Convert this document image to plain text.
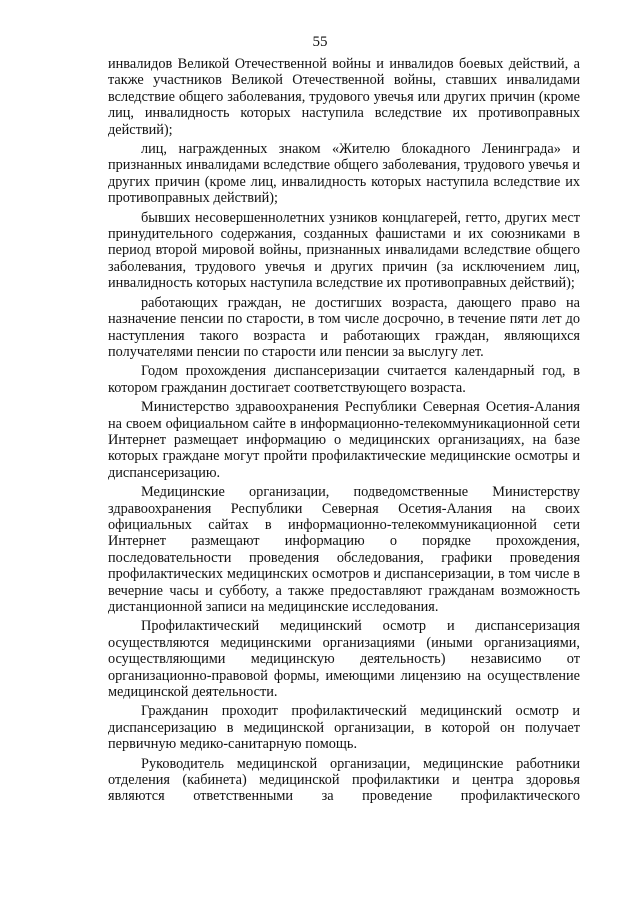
55

инвалидов Великой Отечественной войны и инвалидов боевых действий, а также участников Великой Отечественной войны, ставших инвалидами вследствие общего заболевания, трудового увечья или других причин (кроме лиц, инвалидность которых наступила вследствие их противоправных действий);

лиц, награжденных знаком «Жителю блокадного Ленинграда» и признанных инвалидами вследствие общего заболевания, трудового увечья и других причин (кроме лиц, инвалидность которых наступила вследствие их противоправных действий);

бывших несовершеннолетних узников концлагерей, гетто, других мест принудительного содержания, созданных фашистами и их союзниками в период второй мировой войны, признанных инвалидами вследствие общего заболевания, трудового увечья и других причин (за исключением лиц, инвалидность которых наступила вследствие их противоправных действий);

работающих граждан, не достигших возраста, дающего право на назначение пенсии по старости, в том числе досрочно, в течение пяти лет до наступления такого возраста и работающих граждан, являющихся получателями пенсии по старости или пенсии за выслугу лет.

Годом прохождения диспансеризации считается календарный год, в котором гражданин достигает соответствующего возраста.

Министерство здравоохранения Республики Северная Осетия-Алания на своем официальном сайте в информационно-телекоммуникационной сети Интернет размещает информацию о медицинских организациях, на базе которых граждане могут пройти профилактические медицинские осмотры и диспансеризацию.

Медицинские организации, подведомственные Министерству здравоохранения Республики Северная Осетия-Алания на своих официальных сайтах в информационно-телекоммуникационной сети Интернет размещают информацию о порядке прохождения, последовательности проведения обследования, графики проведения профилактических медицинских осмотров и диспансеризации, в том числе в вечерние часы и субботу, а также предоставляют гражданам возможность дистанционной записи на медицинские исследования.

Профилактический медицинский осмотр и диспансеризация осуществляются медицинскими организациями (иными организациями, осуществляющими медицинскую деятельность) независимо от организационно-правовой формы, имеющими лицензию на осуществление медицинской деятельности.

Гражданин проходит профилактический медицинский осмотр и диспансеризацию в медицинской организации, в которой он получает первичную медико-санитарную помощь.

Руководитель медицинской организации, медицинские работники отделения (кабинета) медицинской профилактики и центра здоровья являются ответственными за проведение профилактического
